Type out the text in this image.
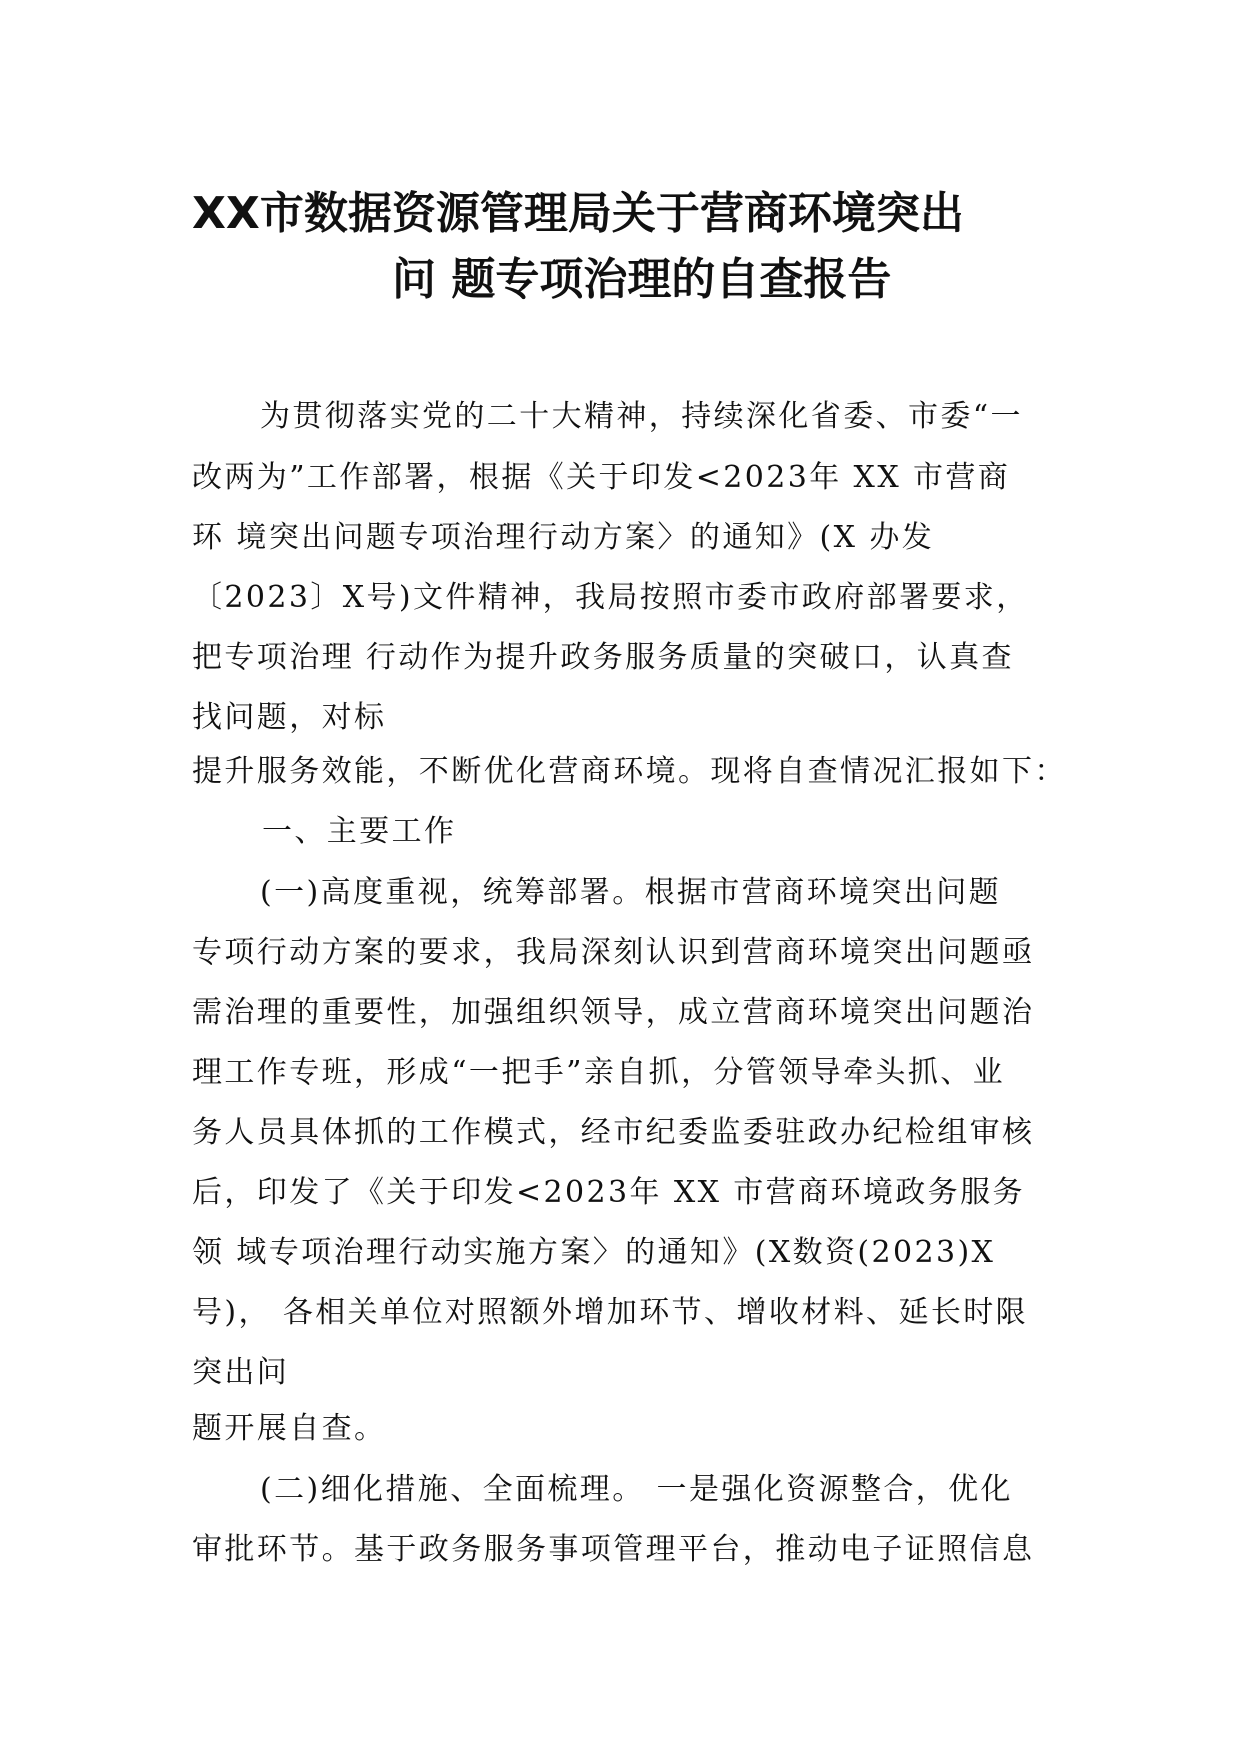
XX市数据资源管理局关于营商环境突出
问 题专项治理的自查报告
为贯彻落实党的二十大精神，持续深化省委、市委“一
改两为”工作部署，根据《关于印发<2023年 XX 市营商
环 境突出问题专项治理行动方案〉的通知》(X 办发
〔2023〕X号)文件精神，我局按照市委市政府部署要求，
把专项治理 行动作为提升政务服务质量的突破口，认真查
找问题，对标
提升服务效能，不断优化营商环境。现将自查情况汇报如下：
一、主要工作
(一)高度重视，统筹部署。根据市营商环境突出问题
专项行动方案的要求，我局深刻认识到营商环境突出问题亟
需治理的重要性，加强组织领导，成立营商环境突出问题治
理工作专班，形成“一把手”亲自抓，分管领导牵头抓、业
务人员具体抓的工作模式，经市纪委监委驻政办纪检组审核
后，印发了《关于印发<2023年 XX 市营商环境政务服务
领 域专项治理行动实施方案〉的通知》(X数资(2023)X
号)， 各相关单位对照额外增加环节、增收材料、延长时限
突出问
题开展自查。
(二)细化措施、全面梳理。 一是强化资源整合，优化
审批环节。基于政务服务事项管理平台，推动电子证照信息
